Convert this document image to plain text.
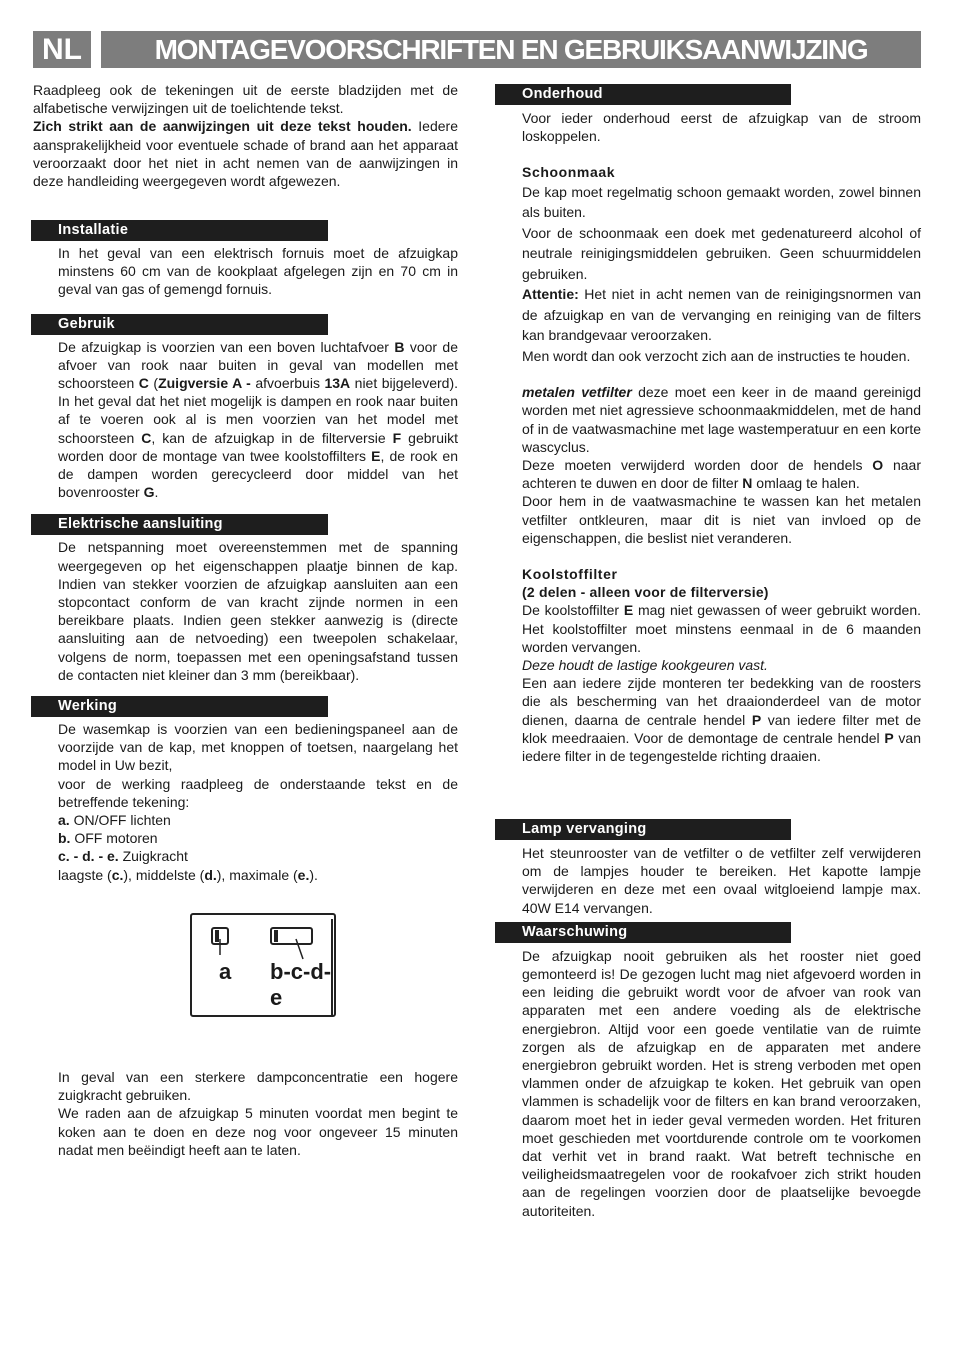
NL	MONTAGEVOORSCHRIFTEN EN GEBRUIKSAANWIJZING

Raadpleeg ook de tekeningen uit de eerste bladzijden met de alfabetische verwijzingen uit de toelichtende tekst.
Zich strikt aan de aanwijzingen uit deze tekst houden. Iedere aansprakelijkheid voor eventuele schade of brand aan het apparaat veroorzaakt door het niet in acht nemen van de aanwijzingen in deze handleiding weergegeven wordt afgewezen.

Installatie

In het geval van een elektrisch fornuis moet de afzuigkap minstens 60 cm van de kookplaat afgelegen zijn en 70 cm in geval van gas of gemengd fornuis.

Gebruik

De afzuigkap is voorzien van een boven luchtafvoer B voor de afvoer van rook naar buiten in geval van modellen met schoorsteen C (Zuigversie A - afvoerbuis 13A niet bijgeleverd). In het geval dat het niet mogelijk is dampen en rook naar buiten af te voeren ook al is men voorzien van het model met schoorsteen C, kan de afzuigkap in de filterversie F gebruikt worden door de montage van twee koolstoffilters E, de rook en de dampen worden gerecycleerd door middel van het bovenrooster G.

Elektrische aansluiting

De netspanning moet overeenstemmen met de spanning weergegeven op het eigenschappen plaatje binnen de kap. Indien van stekker voorzien de afzuigkap aansluiten aan een stopcontact conform de van kracht zijnde normen in een bereikbare plaats. Indien geen stekker aanwezig is (directe aansluiting aan de netvoeding) een tweepolen schakelaar, volgens de norm, toepassen met een openingsafstand tussen de contacten niet kleiner dan 3 mm (bereikbaar).

Werking

De wasemkap is voorzien van een bedieningspaneel aan de voorzijde van de kap, met knoppen of toetsen, naargelang het model in Uw bezit,
voor de werking raadpleeg de onderstaande tekst en de betreffende tekening:
a. ON/OFF lichten
b. OFF motoren
c. - d. - e. Zuigkracht
laagste (c.), middelste (d.), maximale (e.).

a b-c-d-e

In geval van een sterkere dampconcentratie een hogere zuigkracht gebruiken.

We raden aan de afzuigkap 5 minuten voordat men begint te koken aan te doen en deze nog voor ongeveer 15 minuten nadat men beëindigt heeft aan te laten.

Onderhoud

Voor ieder onderhoud eerst de afzuigkap van de stroom loskoppelen.

Schoonmaak

De kap moet regelmatig schoon gemaakt worden, zowel binnen als buiten.

Voor de schoonmaak een doek met gedenatureerd alcohol of neutrale reinigingsmiddelen gebruiken. Geen schuurmiddelen gebruiken.

Attentie: Het niet in acht nemen van de reinigingsnormen van de afzuigkap en van de vervanging en reiniging van de filters kan brandgevaar veroorzaken.

Men wordt dan ook verzocht zich aan de instructies te houden.

metalen vetfilter deze moet een keer in de maand gereinigd worden met niet agressieve schoonmaakmiddelen, met de hand of in de vaatwasmachine met lage wastemperatuur en een korte wascyclus.
Deze moeten verwijderd worden door de hendels O naar achteren te duwen en door de filter N omlaag te halen.
Door hem in de vaatwasmachine te wassen kan het metalen vetfilter ontkleuren, maar dit is niet van invloed op de eigenschappen, die beslist niet veranderen.

Koolstoffilter

(2 delen - alleen voor de filterversie)

De koolstoffilter E mag niet gewassen of weer gebruikt worden. Het koolstoffilter moet minstens eenmaal in de 6 maanden worden vervangen.
Deze houdt de lastige kookgeuren vast.
Een aan iedere zijde monteren ter bedekking van de roosters die als bescherming van het draaionderdeel van de motor dienen, daarna de centrale hendel P van iedere filter met de klok meedraaien. Voor de demontage de centrale hendel P van iedere filter in de tegengestelde richting draaien.

Lamp vervanging

Het steunrooster van de vetfilter o de vetfilter zelf verwijderen om de lampjes houder te bereiken. Het kapotte lampje verwijderen en deze met een ovaal witgloeiend lampje max. 40W E14 vervangen.

Waarschuwing

De afzuigkap nooit gebruiken als het rooster niet goed gemonteerd is! De gezogen lucht mag niet afgevoerd worden in een leiding die gebruikt wordt voor de afvoer van rook van apparaten met een andere voeding als de elektrische energiebron. Altijd voor een goede ventilatie van de ruimte zorgen als de afzuigkap en de apparaten met andere energiebron gebruikt worden. Het is streng verboden met open vlammen onder de afzuigkap te koken. Het gebruik van open vlammen is schadelijk voor de filters en kan brand veroorzaken, daarom moet het in ieder geval vermeden worden. Het frituren moet geschieden met voortdurende controle om te voorkomen dat verhit vet in brand raakt. Wat betreft technische en veiligheidsmaatregelen voor de rookafvoer zich strikt houden aan de regelingen voorzien door de plaatselijke bevoegde autoriteiten.
